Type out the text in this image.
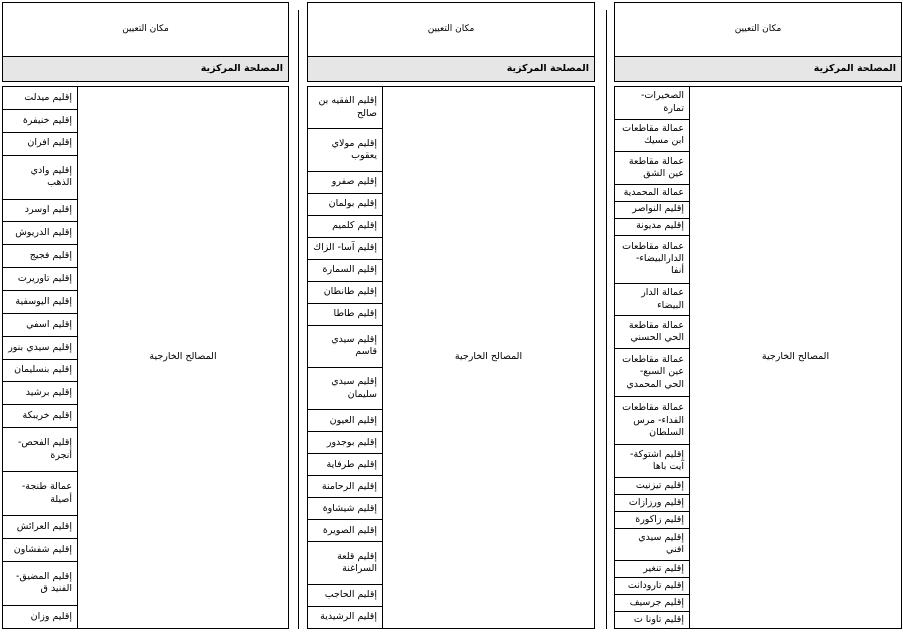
مكان التعيين	
المصلحة المركزية	

المصالح الخارجية	الصخيرات- تمارة	
	عمالة مقاطعات ابن مسيك	
	عمالة مقاطعة عين الشق	
	عمالة المحمدية	
	إقليم النواصر	
	إقليم مديونة	
	عمالة مقاطعات الدارالبيضاء- أنفا	
	عمالة الدار البيضاء	
	عمالة مقاطعة الحي الحسني	
	عمالة مقاطعات عين السبع- الحي المحمدي	
	عمالة مقاطعات الفداء- مرس السلطان	
	إقليم اشتوكة- آيت باها	
	إقليم تيزنيت	
	إقليم ورزازات	
	إقليم زاكورة	
	إقليم سيدي افني	
	إقليم تنغير	
	إقليم تارودانت	
	إقليم جرسيف	
	إقليم تاونا ت	
مكان التعيين	
المصلحة المركزية	

المصالح الخارجية	إقليم الفقيه بن صالح	
	إقليم مولاي يعقوب	
	إقليم صفرو	
	إقليم بولمان	
	إقليم كلميم	
	إقليم آسا- الزاك	
	إقليم السمارة	
	إقليم طانطان	
	إقليم طاطا	
	إقليم سيدي قاسم	
	إقليم سيدي سليمان	
	إقليم العيون	
	إقليم بوجدور	
	إقليم طرفاية	
	إقليم الرحامنة	
	إقليم شيشاوة	
	إقليم الصويرة	
	إقليم قلعة السراغنة	
	إقليم الحاجب	
	إقليم الرشيدية	
مكان التعيين	
المصلحة المركزية	

المصالح الخارجية	إقليم ميدلت	
	إقليم خنيفرة	
	إقليم افران	
	إقليم وادي الذهب	
	إقليم اوسرد	
	إقليم الدريوش	
	إقليم فجيج	
	إقليم تاوريرت	
	إقليم اليوسفية	
	إقليم اسفي	
	إقليم سيدي بنور	
	إقليم بنسليمان	
	إقليم برشيد	
	إقليم خريبكة	
	إقليم الفحص- أنجرة	
	عمالة طنجة- أصيلة	
	إقليم العرائش	
	إقليم شفشاون	
	إقليم المضيق- الفنيد ق	
	إقليم وزان	
